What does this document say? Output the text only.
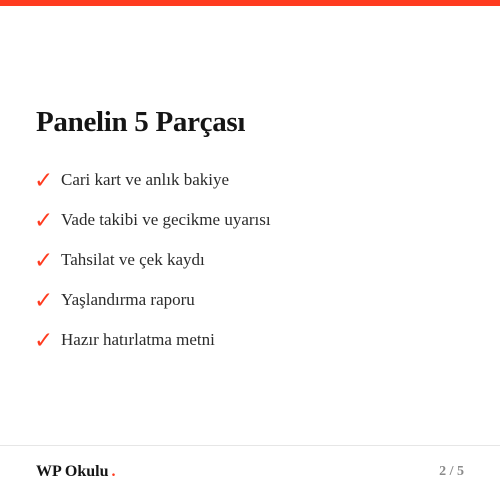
Panelin 5 Parçası
✓ Cari kart ve anlık bakiye
✓ Vade takibi ve gecikme uyarısı
✓ Tahsilat ve çek kaydı
✓ Yaşlandırma raporu
✓ Hazır hatırlatma metni
WP Okulu .	2 / 5
